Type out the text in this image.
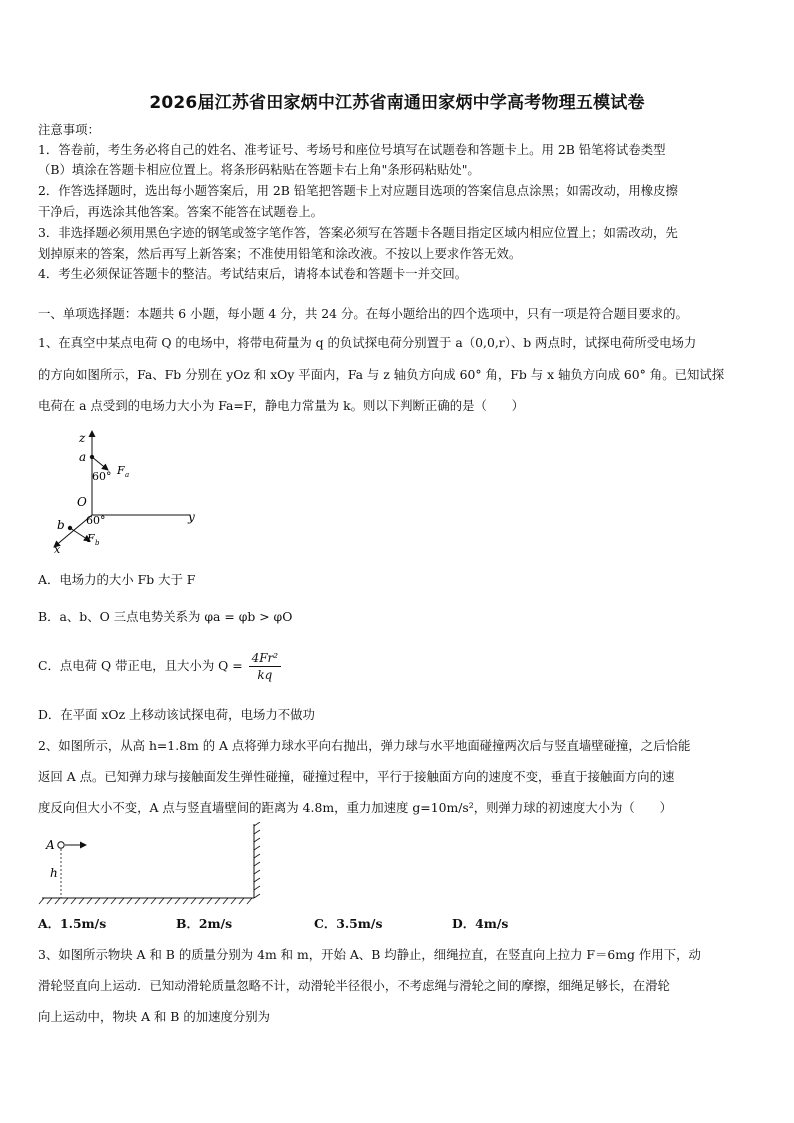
2026届江苏省田家炳中江苏省南通田家炳中学高考物理五模试卷
注意事项：
1．答卷前，考生务必将自己的姓名、准考证号、考场号和座位号填写在试题卷和答题卡上。用 2B 铅笔将试卷类型
（B）填涂在答题卡相应位置上。将条形码粘贴在答题卡右上角"条形码粘贴处"。
2．作答选择题时，选出每小题答案后，用 2B 铅笔把答题卡上对应题目选项的答案信息点涂黑；如需改动，用橡皮擦
干净后，再选涂其他答案。答案不能答在试题卷上。
3．非选择题必须用黑色字迹的钢笔或签字笔作答，答案必须写在答题卡各题目指定区域内相应位置上；如需改动，先
划掉原来的答案，然后再写上新答案；不准使用铅笔和涂改液。不按以上要求作答无效。
4．考生必须保证答题卡的整洁。考试结束后，请将本试卷和答题卡一并交回。
一、单项选择题：本题共 6 小题，每小题 4 分，共 24 分。在每小题给出的四个选项中，只有一项是符合题目要求的。
1、在真空中某点电荷 Q 的电场中，将带电荷量为 q 的负试探电荷分别置于 a（0,0,r）、b 两点时，试探电荷所受电场力
的方向如图所示，Fa、Fb 分别在 yOz 和 xOy 平面内，Fa 与 z 轴负方向成 60° 角，Fb 与 x 轴负方向成 60° 角。已知试探
电荷在 a 点受到的电场力大小为 Fa=F，静电力常量为 k。则以下判断正确的是（　　）
z
a
60° F a
O
y
b 60°
x
F b
A．电场力的大小 Fb 大于 F
B．a、b、O 三点电势关系为 φa = φb > φO
C．点电荷 Q 带正电，且大小为 $Q = \frac{\text{4Fr²}}{kq}$
D．在平面 xOz 上移动该试探电荷，电场力不做功
2、如图所示，从高 h=1.8m 的 A 点将弹力球水平向右抛出，弹力球与水平地面碰撞两次后与竖直墙壁碰撞，之后恰能
返回 A 点。已知弹力球与接触面发生弹性碰撞，碰撞过程中，平行于接触面方向的速度不变，垂直于接触面方向的速
度反向但大小不变，A 点与竖直墙壁间的距离为 4.8m，重力加速度 g=10m/s²，则弹力球的初速度大小为（　　）
A
h
A．1.5m/s	B．2m/s	C．3.5m/s	D．4m/s
3、如图所示物块 A 和 B 的质量分别为 4m 和 m，开始 A、B 均静止，细绳拉直，在竖直向上拉力 F＝6mg 作用下，动
滑轮竖直向上运动．已知动滑轮质量忽略不计，动滑轮半径很小，不考虑绳与滑轮之间的摩擦，细绳足够长，在滑轮
向上运动中，物块 A 和 B 的加速度分别为
